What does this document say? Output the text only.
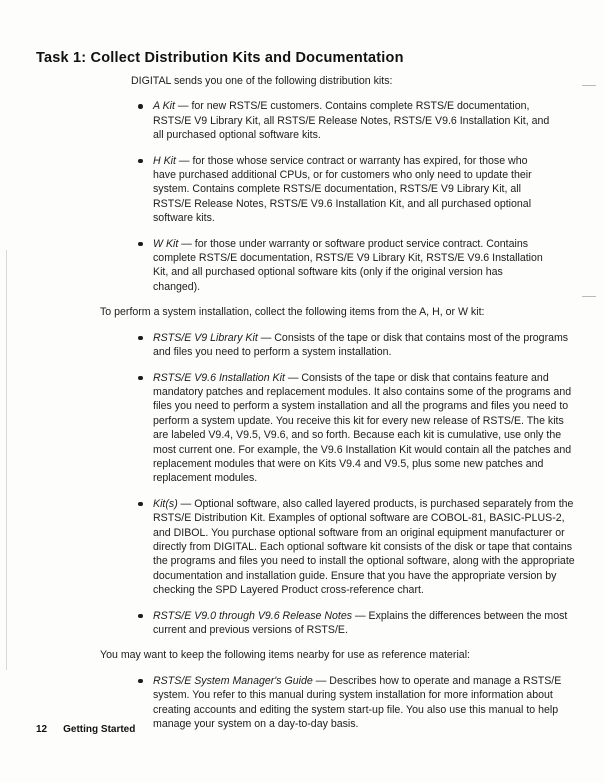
Task 1: Collect Distribution Kits and Documentation

DIGITAL sends you one of the following distribution kits:

A Kit — for new RSTS/E customers. Contains complete RSTS/E documentation, RSTS/E V9 Library Kit, all RSTS/E Release Notes, RSTS/E V9.6 Installation Kit, and all purchased optional software kits.
H Kit — for those whose service contract or warranty has expired, for those who have purchased additional CPUs, or for customers who only need to update their system. Contains complete RSTS/E documentation, RSTS/E V9 Library Kit, all RSTS/E Release Notes, RSTS/E V9.6 Installation Kit, and all purchased optional software kits.
W Kit — for those under warranty or software product service contract. Contains complete RSTS/E documentation, RSTS/E V9 Library Kit, RSTS/E V9.6 Installation Kit, and all purchased optional software kits (only if the original version has changed).

To perform a system installation, collect the following items from the A, H, or W kit:

RSTS/E V9 Library Kit — Consists of the tape or disk that contains most of the programs and files you need to perform a system installation.
RSTS/E V9.6 Installation Kit — Consists of the tape or disk that contains feature and mandatory patches and replacement modules. It also contains some of the programs and files you need to perform a system installation and all the programs and files you need to perform a system update. You receive this kit for every new release of RSTS/E. The kits are labeled V9.4, V9.5, V9.6, and so forth. Because each kit is cumulative, use only the most current one. For example, the V9.6 Installation Kit would contain all the patches and replacement modules that were on Kits V9.4 and V9.5, plus some new patches and replacement modules.
Kit(s) — Optional software, also called layered products, is purchased separately from the RSTS/E Distribution Kit. Examples of optional software are COBOL-81, BASIC-PLUS-2, and DIBOL. You purchase optional software from an original equipment manufacturer or directly from DIGITAL. Each optional software kit consists of the disk or tape that contains the programs and files you need to install the optional software, along with the appropriate documentation and installation guide. Ensure that you have the appropriate version by checking the SPD Layered Product cross-reference chart.
RSTS/E V9.0 through V9.6 Release Notes — Explains the differences between the most current and previous versions of RSTS/E.

You may want to keep the following items nearby for use as reference material:

RSTS/E System Manager's Guide — Describes how to operate and manage a RSTS/E system. You refer to this manual during system installation for more information about creating accounts and editing the system start-up file. You also use this manual to help manage your system on a day-to-day basis.
12 Getting Started
